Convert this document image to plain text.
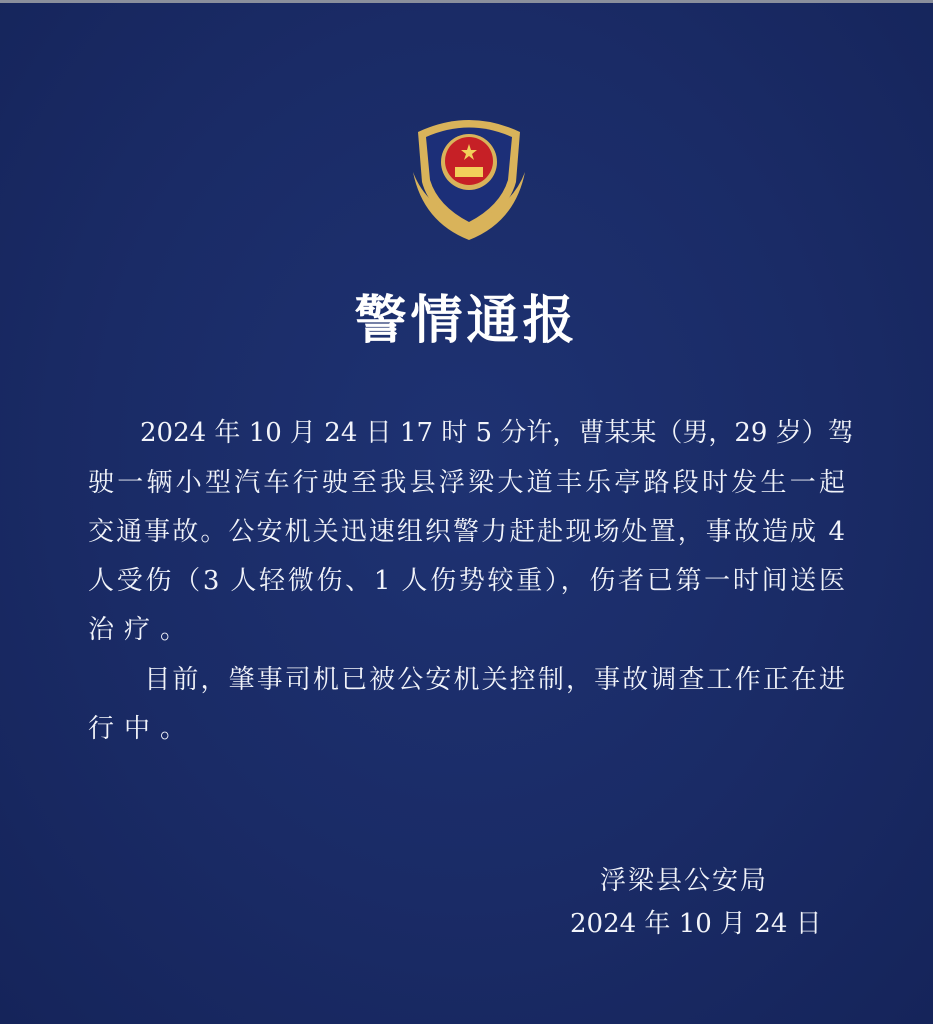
警情通报
　　2024 年 10 月 24 日 17 时 5 分许，曹某某（男，29 岁）驾
驶一辆小型汽车行驶至我县浮梁大道丰乐亭路段时发生一起
交通事故。公安机关迅速组织警力赶赴现场处置，事故造成 4
人受伤（3 人轻微伤、1 人伤势较重），伤者已第一时间送医
治疗。
　　目前，肇事司机已被公安机关控制，事故调查工作正在进
行中。
浮梁县公安局
2024 年 10 月 24 日
